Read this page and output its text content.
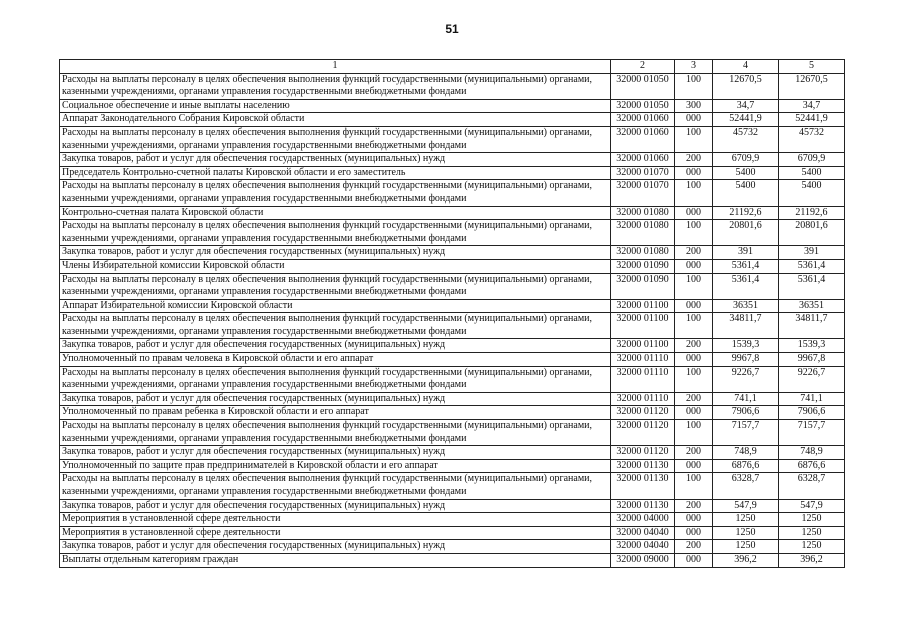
51
1	2	3	4	5
Расходы на выплаты персоналу в целях обеспечения выполнения функций государственными (муниципальными) органами, казенными учреждениями, органами управления государственными внебюджетными фондами	32000 01050	100	12670,5	12670,5
Социальное обеспечение и иные выплаты населению	32000 01050	300	34,7	34,7
Аппарат Законодательного Собрания Кировской области	32000 01060	000	52441,9	52441,9
Расходы на выплаты персоналу в целях обеспечения выполнения функций государственными (муниципальными) органами, казенными учреждениями, органами управления государственными внебюджетными фондами	32000 01060	100	45732	45732
Закупка товаров, работ и услуг для обеспечения государственных (муниципальных) нужд	32000 01060	200	6709,9	6709,9
Председатель Контрольно-счетной палаты Кировской области и его заместитель	32000 01070	000	5400	5400
Расходы на выплаты персоналу в целях обеспечения выполнения функций государственными (муниципальными) органами, казенными учреждениями, органами управления государственными внебюджетными фондами	32000 01070	100	5400	5400
Контрольно-счетная палата Кировской области	32000 01080	000	21192,6	21192,6
Расходы на выплаты персоналу в целях обеспечения выполнения функций государственными (муниципальными) органами, казенными учреждениями, органами управления государственными внебюджетными фондами	32000 01080	100	20801,6	20801,6
Закупка товаров, работ и услуг для обеспечения государственных (муниципальных) нужд	32000 01080	200	391	391
Члены Избирательной комиссии Кировской области	32000 01090	000	5361,4	5361,4
Расходы на выплаты персоналу в целях обеспечения выполнения функций государственными (муниципальными) органами, казенными учреждениями, органами управления государственными внебюджетными фондами	32000 01090	100	5361,4	5361,4
Аппарат Избирательной комиссии Кировской области	32000 01100	000	36351	36351
Расходы на выплаты персоналу в целях обеспечения выполнения функций государственными (муниципальными) органами, казенными учреждениями, органами управления государственными внебюджетными фондами	32000 01100	100	34811,7	34811,7
Закупка товаров, работ и услуг для обеспечения государственных (муниципальных) нужд	32000 01100	200	1539,3	1539,3
Уполномоченный по правам человека в Кировской области и его аппарат	32000 01110	000	9967,8	9967,8
Расходы на выплаты персоналу в целях обеспечения выполнения функций государственными (муниципальными) органами, казенными учреждениями, органами управления государственными внебюджетными фондами	32000 01110	100	9226,7	9226,7
Закупка товаров, работ и услуг для обеспечения государственных (муниципальных) нужд	32000 01110	200	741,1	741,1
Уполномоченный по правам ребенка в Кировской области и его аппарат	32000 01120	000	7906,6	7906,6
Расходы на выплаты персоналу в целях обеспечения выполнения функций государственными (муниципальными) органами, казенными учреждениями, органами управления государственными внебюджетными фондами	32000 01120	100	7157,7	7157,7
Закупка товаров, работ и услуг для обеспечения государственных (муниципальных) нужд	32000 01120	200	748,9	748,9
Уполномоченный по защите прав предпринимателей в Кировской области и его аппарат	32000 01130	000	6876,6	6876,6
Расходы на выплаты персоналу в целях обеспечения выполнения функций государственными (муниципальными) органами, казенными учреждениями, органами управления государственными внебюджетными фондами	32000 01130	100	6328,7	6328,7
Закупка товаров, работ и услуг для обеспечения государственных (муниципальных) нужд	32000 01130	200	547,9	547,9
Мероприятия в установленной сфере деятельности	32000 04000	000	1250	1250
Мероприятия в установленной сфере деятельности	32000 04040	000	1250	1250
Закупка товаров, работ и услуг для обеспечения государственных (муниципальных) нужд	32000 04040	200	1250	1250
Выплаты отдельным категориям граждан	32000 09000	000	396,2	396,2
